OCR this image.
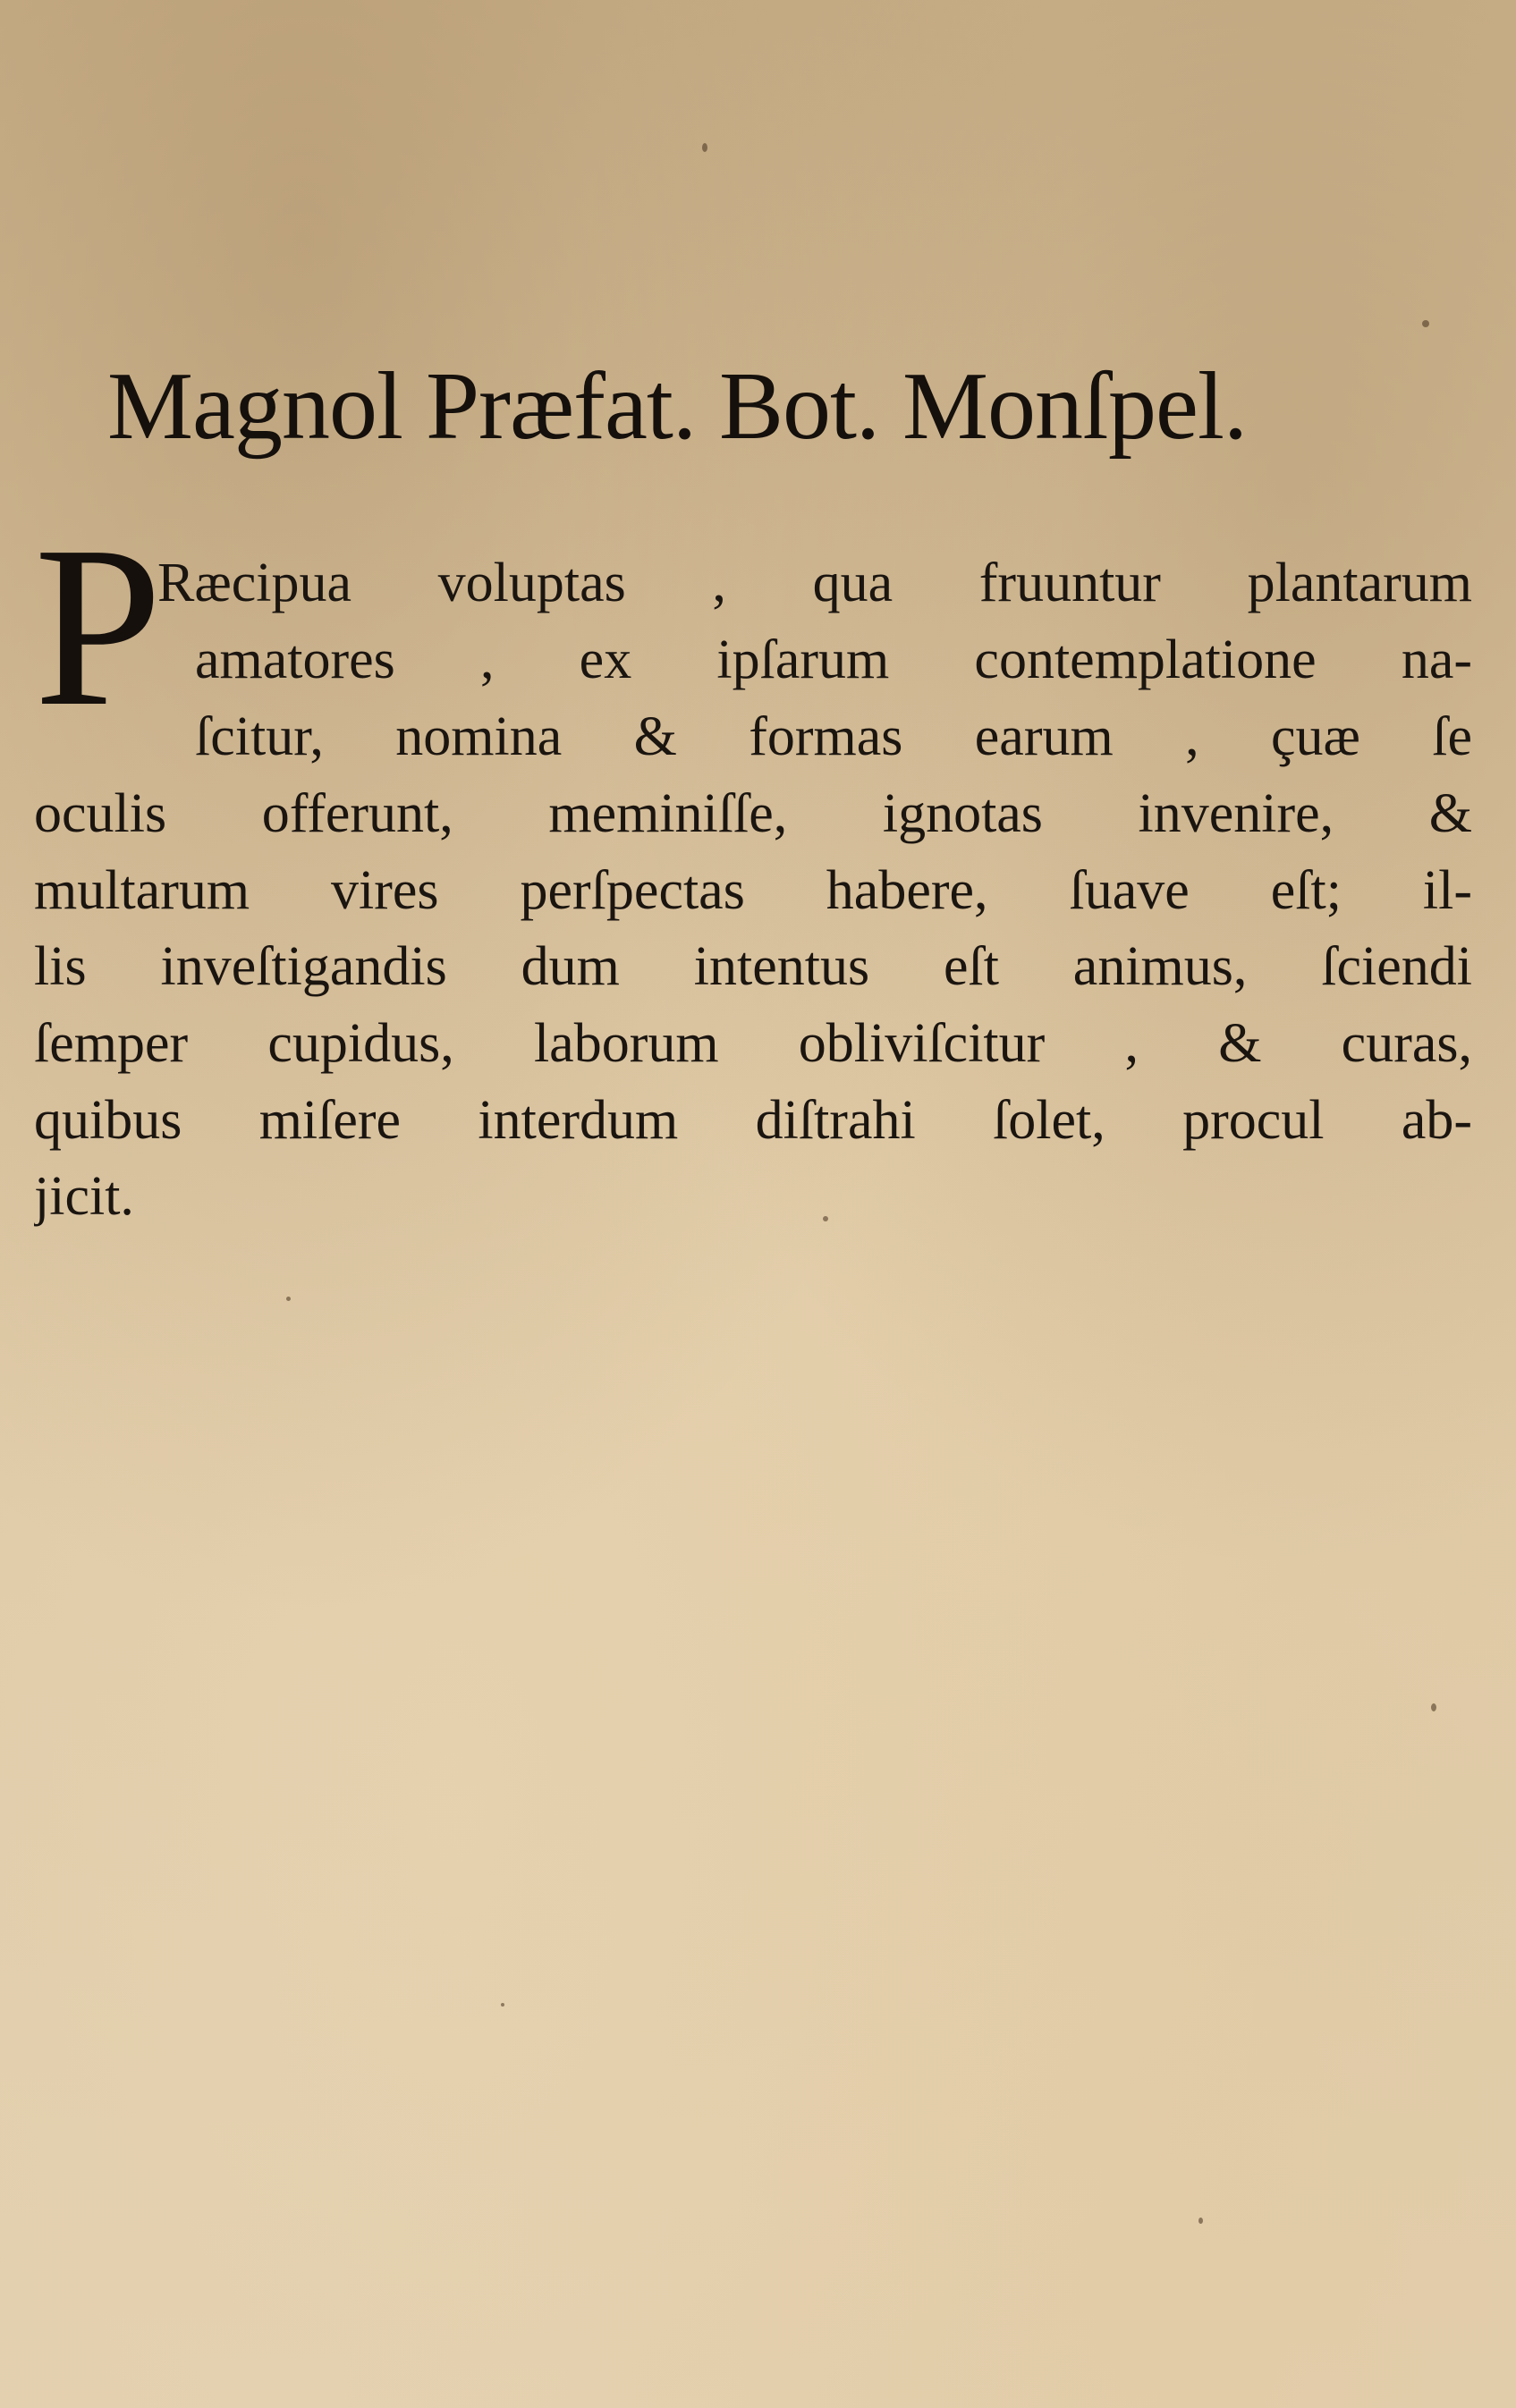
Magnol Præfat. Bot. Monſpel.
P
Ræcipua voluptas , qua fruuntur plantarum
amatores , ex ipſarum contemplatione na-
ſcitur, nomina & formas earum , çuæ ſe
oculis offerunt, meminiſſe, ignotas invenire, &
multarum vires perſpectas habere, ſuave eſt; il-
lis inveſtigandis dum intentus eſt animus, ſciendi
ſemper cupidus, laborum obliviſcitur , & curas,
quibus miſere interdum diſtrahi ſolet, procul ab-
jicit.
